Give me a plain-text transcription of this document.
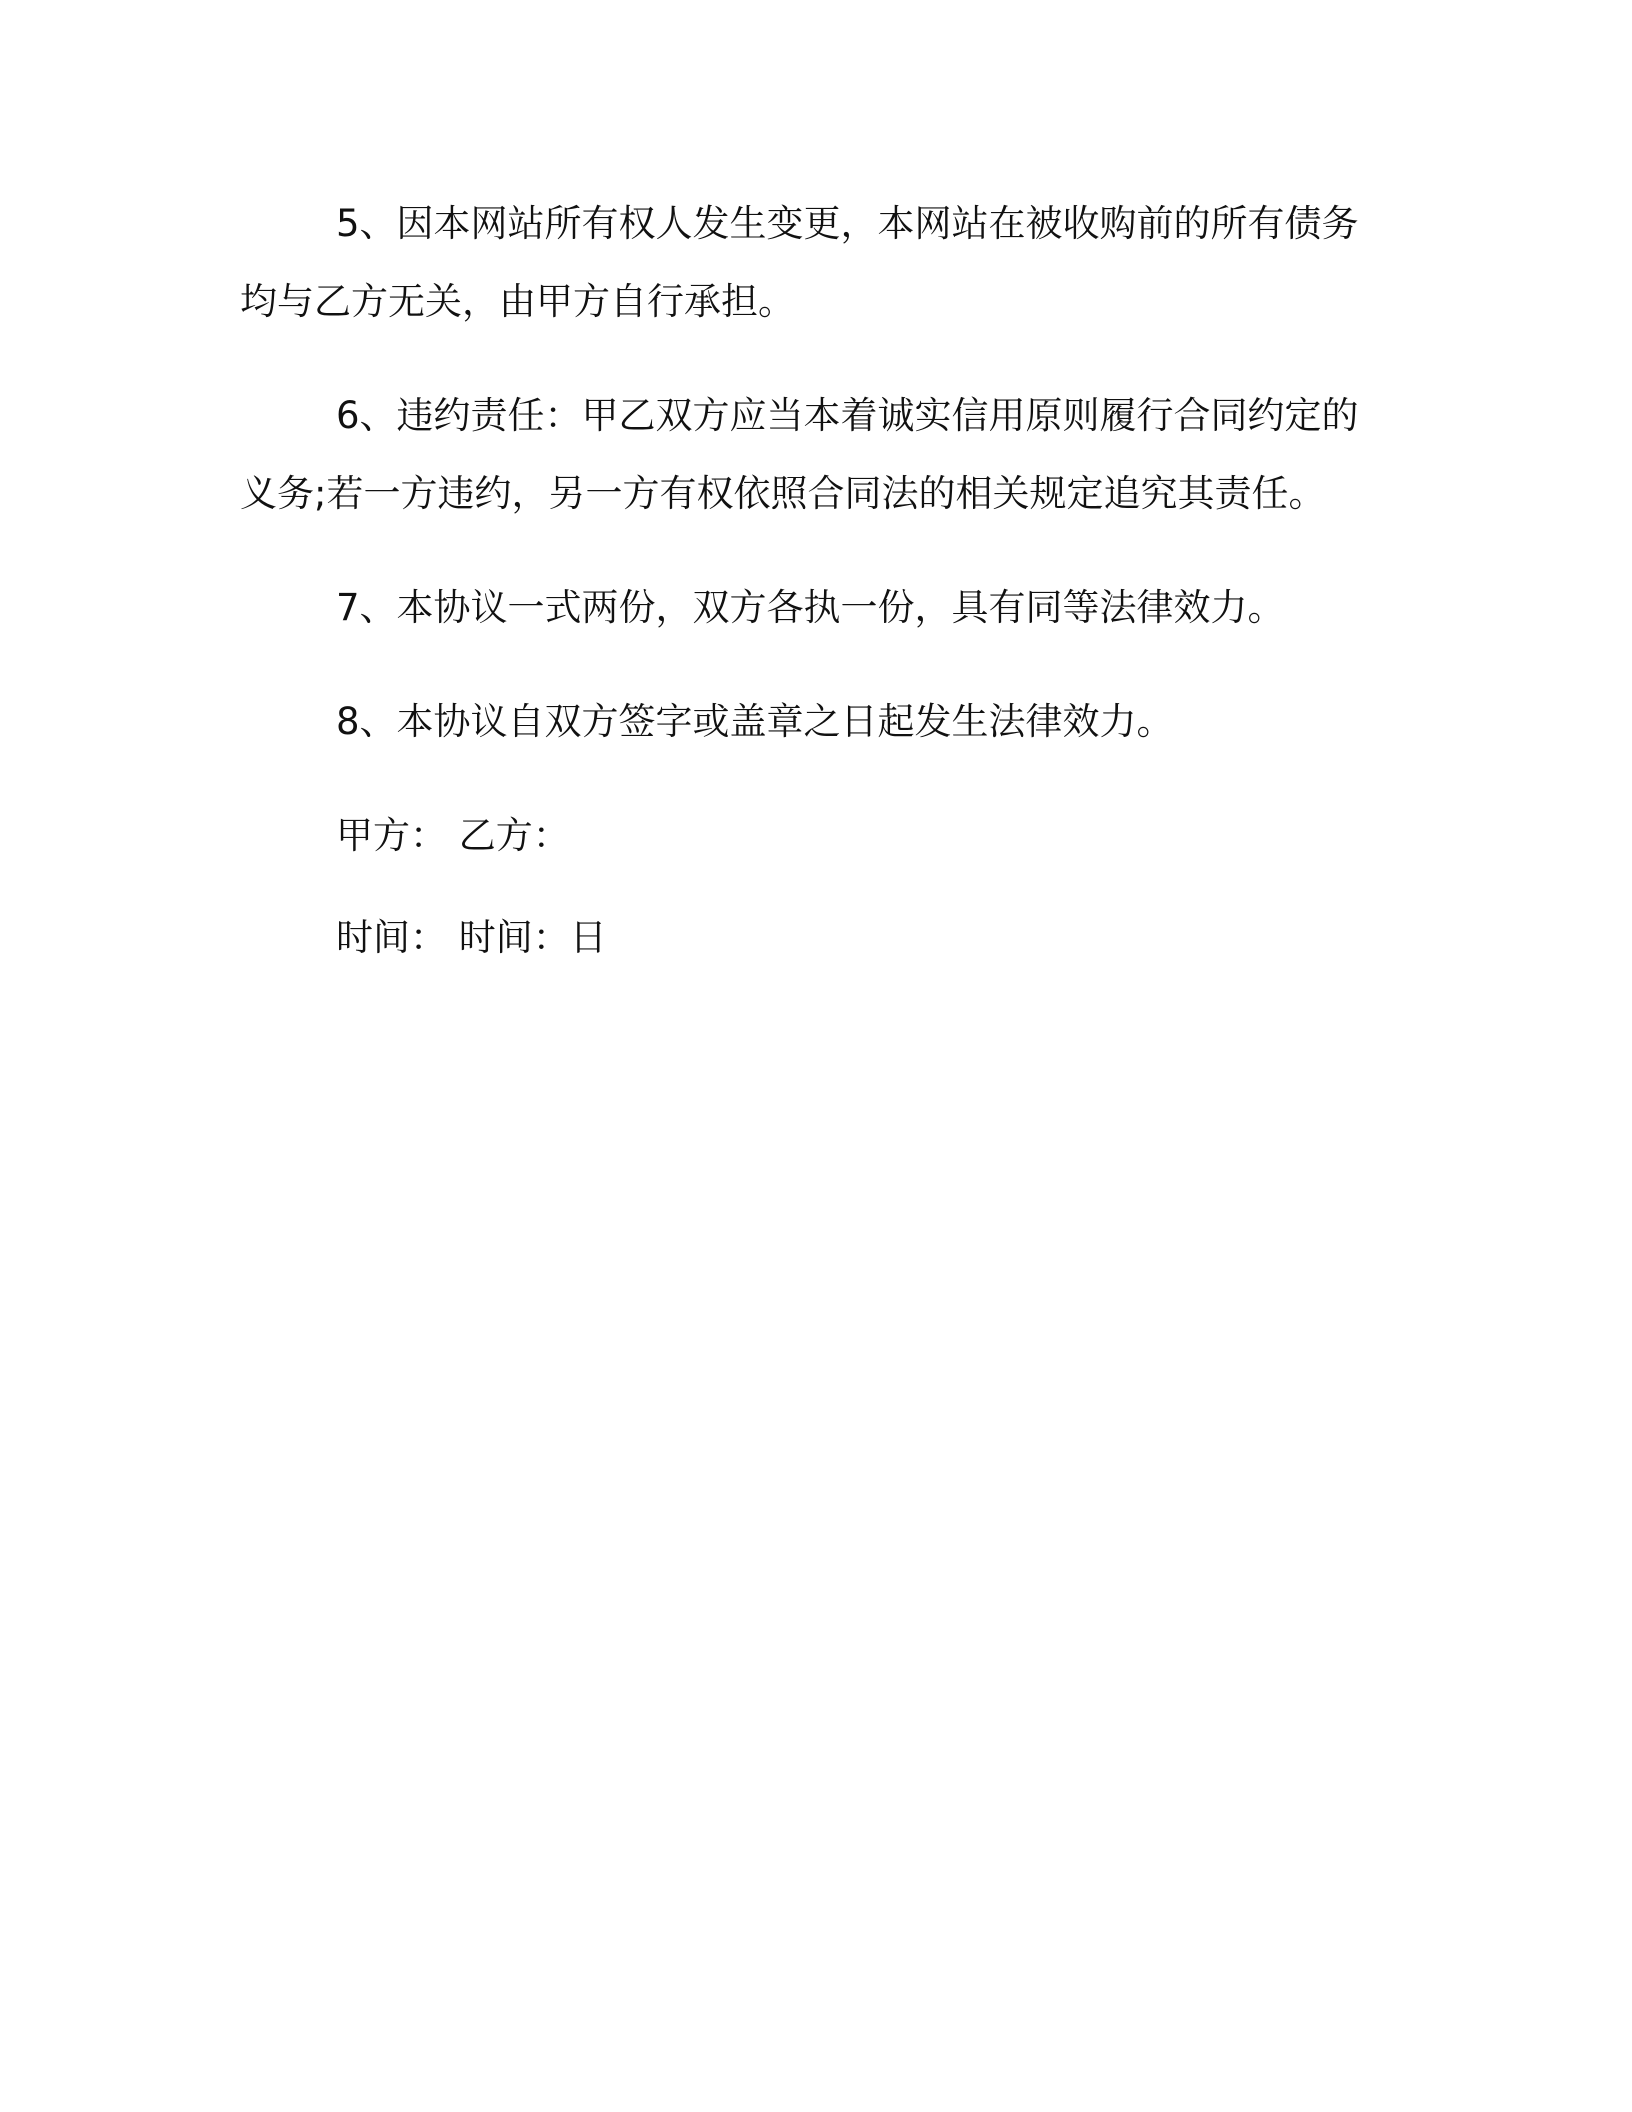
5、因本网站所有权人发生变更，本网站在被收购前的所有债务均与乙方无关，由甲方自行承担。

6、违约责任：甲乙双方应当本着诚实信用原则履行合同约定的义务;若一方违约，另一方有权依照合同法的相关规定追究其责任。

7、本协议一式两份，双方各执一份，具有同等法律效力。

8、本协议自双方签字或盖章之日起发生法律效力。

甲方： 乙方：

时间： 时间：日
